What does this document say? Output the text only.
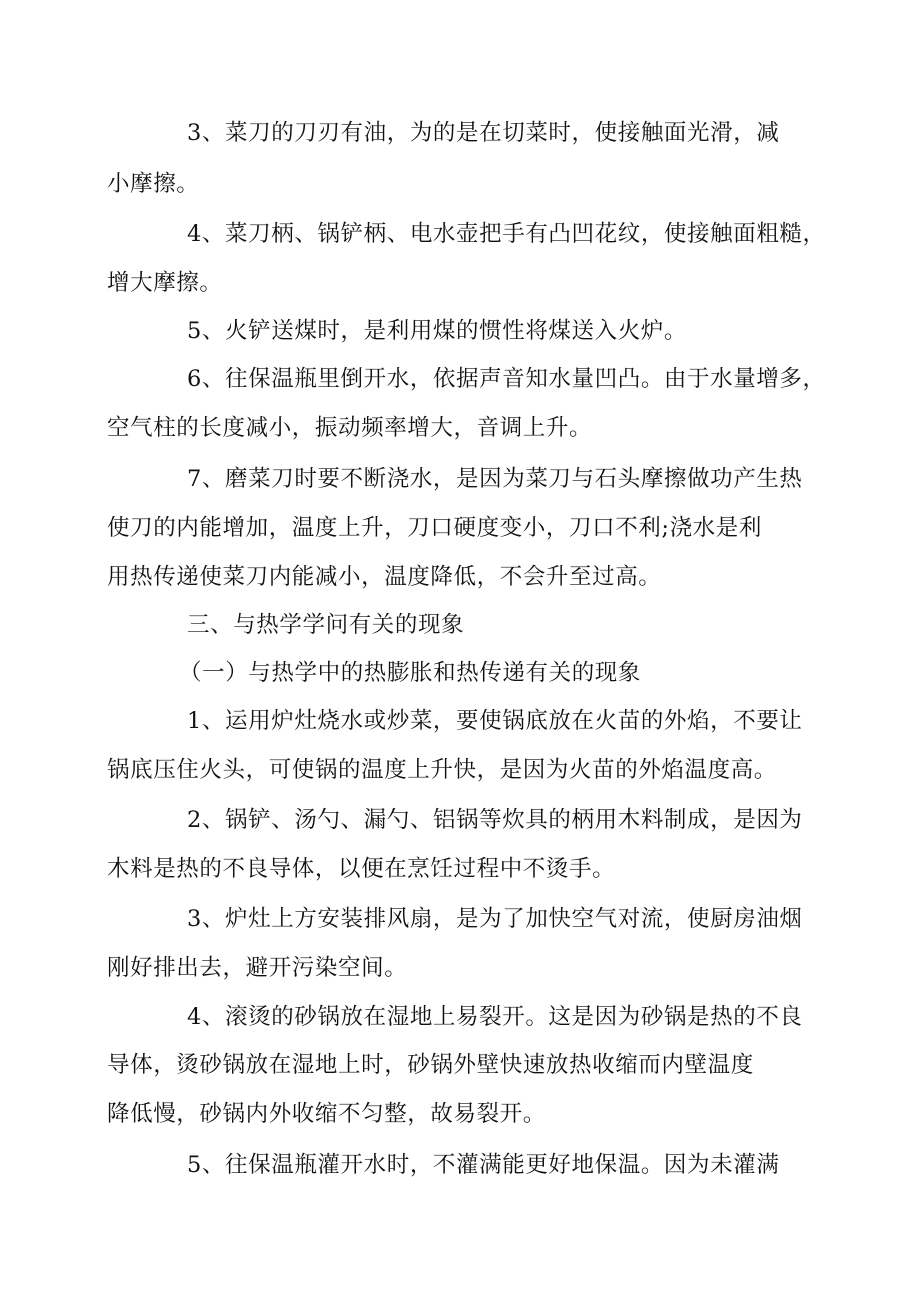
3、菜刀的刀刃有油，为的是在切菜时，使接触面光滑，减
小摩擦。
4、菜刀柄、锅铲柄、电水壶把手有凸凹花纹，使接触面粗糙，
增大摩擦。
5、火铲送煤时，是利用煤的惯性将煤送入火炉。
6、往保温瓶里倒开水，依据声音知水量凹凸。由于水量增多，
空气柱的长度减小，振动频率增大，音调上升。
7、磨菜刀时要不断浇水，是因为菜刀与石头摩擦做功产生热
使刀的内能增加，温度上升，刀口硬度变小，刀口不利;浇水是利
用热传递使菜刀内能减小，温度降低，不会升至过高。
三、与热学学问有关的现象
（一）与热学中的热膨胀和热传递有关的现象
1、运用炉灶烧水或炒菜，要使锅底放在火苗的外焰，不要让
锅底压住火头，可使锅的温度上升快，是因为火苗的外焰温度高。
2、锅铲、汤勺、漏勺、铝锅等炊具的柄用木料制成，是因为
木料是热的不良导体，以便在烹饪过程中不烫手。
3、炉灶上方安装排风扇，是为了加快空气对流，使厨房油烟
刚好排出去，避开污染空间。
4、滚烫的砂锅放在湿地上易裂开。这是因为砂锅是热的不良
导体，烫砂锅放在湿地上时，砂锅外壁快速放热收缩而内壁温度
降低慢，砂锅内外收缩不匀整，故易裂开。
5、往保温瓶灌开水时，不灌满能更好地保温。因为未灌满
